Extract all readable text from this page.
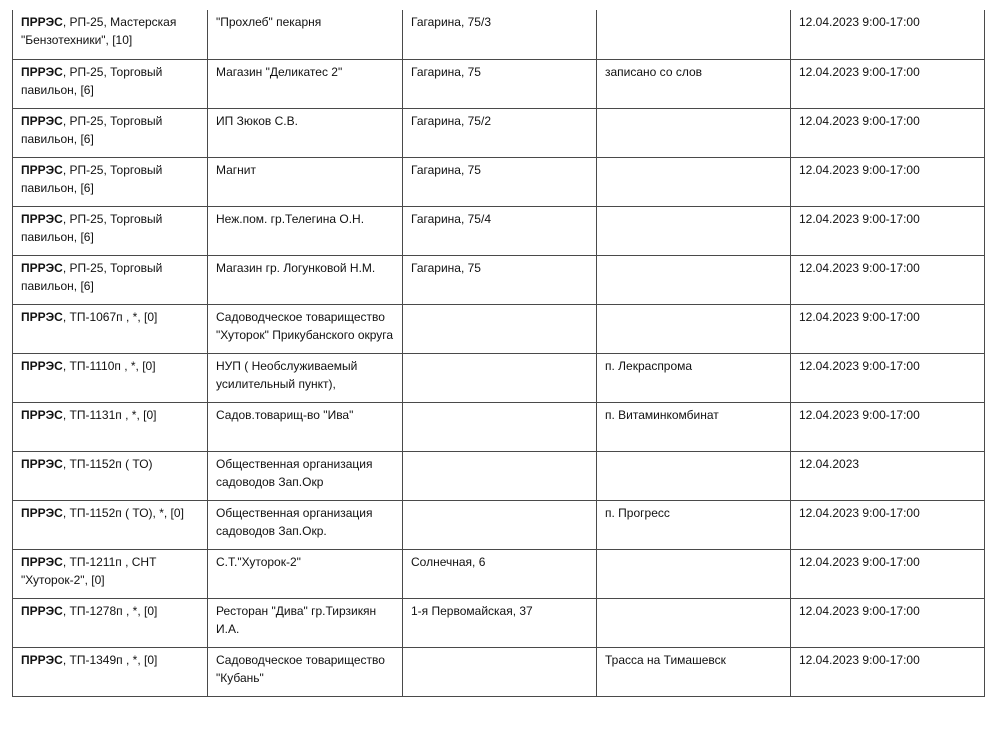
ПРРЭС, РП-25, Мастерская "Бензотехники", [10]	"Прохлеб" пекарня	Гагарина, 75/3		12.04.2023 9:00-17:00
ПРРЭС, РП-25, Торговый павильон, [6]	Магазин "Деликатес 2"	Гагарина, 75	записано со слов	12.04.2023 9:00-17:00
ПРРЭС, РП-25, Торговый павильон, [6]	ИП Зюков С.В.	Гагарина, 75/2		12.04.2023 9:00-17:00
ПРРЭС, РП-25, Торговый павильон, [6]	Магнит	Гагарина, 75		12.04.2023 9:00-17:00
ПРРЭС, РП-25, Торговый павильон, [6]	Неж.пом. гр.Телегина О.Н.	Гагарина, 75/4		12.04.2023 9:00-17:00
ПРРЭС, РП-25, Торговый павильон, [6]	Магазин гр. Логунковой Н.М.	Гагарина, 75		12.04.2023 9:00-17:00
ПРРЭС, ТП-1067п , *, [0]	Садоводческое товарищество "Хуторок" Прикубанского округа			12.04.2023 9:00-17:00
ПРРЭС, ТП-1110п , *, [0]	НУП ( Необслуживаемый усилительный пункт),		п. Лекраспрома	12.04.2023 9:00-17:00
ПРРЭС, ТП-1131п , *, [0]	Садов.товарищ-во "Ива"		п. Витаминкомбинат	12.04.2023 9:00-17:00
ПРРЭС, ТП-1152п ( ТО)	Общественная организация садоводов Зап.Окр			12.04.2023
ПРРЭС, ТП-1152п ( ТО), *, [0]	Общественная организация садоводов Зап.Окр.		п. Прогресс	12.04.2023 9:00-17:00
ПРРЭС, ТП-1211п , СНТ "Хуторок-2", [0]	С.Т."Хуторок-2"	Солнечная, 6		12.04.2023 9:00-17:00
ПРРЭС, ТП-1278п , *, [0]	Ресторан "Дива" гр.Тирзикян И.А.	1-я Первомайская, 37		12.04.2023 9:00-17:00
ПРРЭС, ТП-1349п , *, [0]	Садоводческое товарищество "Кубань"		Трасса на Тимашевск	12.04.2023 9:00-17:00
